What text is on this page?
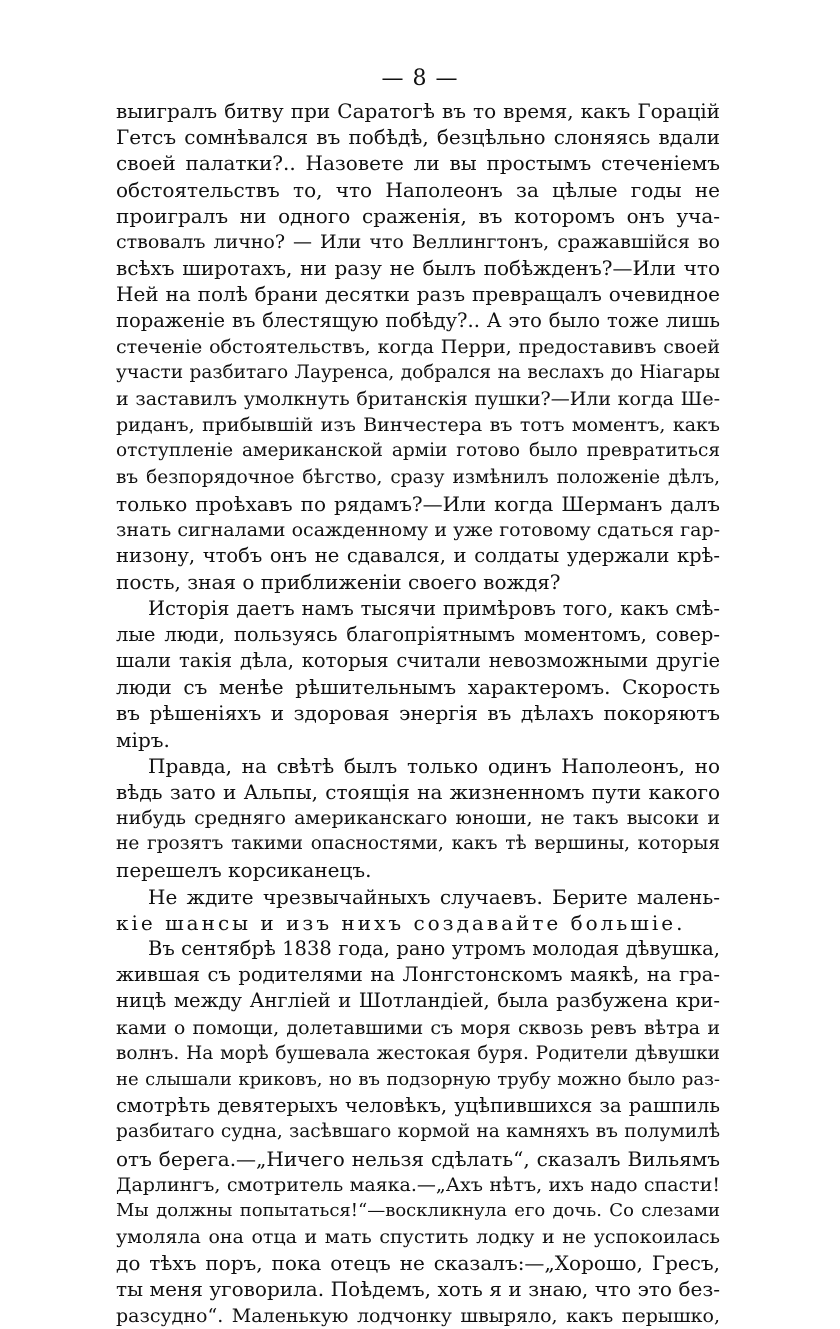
— 8 —
выигралъ битву при Саратогѣ въ то время, какъ Горацій
Гетсъ сомнѣвался въ побѣдѣ, безцѣльно слоняясь вдали
своей палатки?.. Назовете ли вы простымъ стеченіемъ
обстоятельствъ то, что Наполеонъ за цѣлые годы не
проигралъ ни одного сраженія, въ которомъ онъ уча-
ствовалъ лично? — Или что Веллингтонъ, сражавшійся во
всѣхъ широтахъ, ни разу не былъ побѣжденъ?—Или что
Ней на полѣ брани десятки разъ превращалъ очевидное
пораженіе въ блестящую побѣду?.. А это было тоже лишь
стеченіе обстоятельствъ, когда Перри, предоставивъ своей
участи разбитаго Лауренса, добрался на веслахъ до Ніагары
и заставилъ умолкнуть британскія пушки?—Или когда Ше-
риданъ, прибывшій изъ Винчестера въ тотъ моментъ, какъ
отступленіе американской арміи готово было превратиться
въ безпорядочное бѣгство, сразу измѣнилъ положеніе дѣлъ,
только проѣхавъ по рядамъ?—Или когда Шерманъ далъ
знать сигналами осажденному и уже готовому сдаться гар-
низону, чтобъ онъ не сдавался, и солдаты удержали крѣ-
пость, зная о приближеніи своего вождя?
Исторія даетъ намъ тысячи примѣровъ того, какъ смѣ-
лые люди, пользуясь благопріятнымъ моментомъ, совер-
шали такія дѣла, которыя считали невозможными другіе
люди съ менѣе рѣшительнымъ характеромъ. Скорость
въ рѣшеніяхъ и здоровая энергія въ дѣлахъ покоряютъ
міръ.
Правда, на свѣтѣ былъ только одинъ Наполеонъ, но
вѣдь зато и Альпы, стоящія на жизненномъ пути какого
нибудь средняго американскаго юноши, не такъ высоки и
не грозятъ такими опасностями, какъ тѣ вершины, которыя
перешелъ корсиканецъ.
Не ждите чрезвычайныхъ случаевъ. Берите малень-
кіе шансы и изъ нихъ создавайте большіе.
Въ сентябрѣ 1838 года, рано утромъ молодая дѣвушка,
жившая съ родителями на Лонгстонскомъ маякѣ, на гра-
ницѣ между Англіей и Шотландіей, была разбужена кри-
ками о помощи, долетавшими съ моря сквозь ревъ вѣтра и
волнъ. На морѣ бушевала жестокая буря. Родители дѣвушки
не слышали криковъ, но въ подзорную трубу можно было раз-
смотрѣть девятерыхъ человѣкъ, уцѣпившихся за рашпиль
разбитаго судна, засѣвшаго кормой на камняхъ въ полумилѣ
отъ берега.—„Ничего нельзя сдѣлать“, сказалъ Вильямъ
Дарлингъ, смотритель маяка.—„Ахъ нѣтъ, ихъ надо спасти!
Мы должны попытаться!“—воскликнула его дочь. Со слезами
умоляла она отца и мать спустить лодку и не успокоилась
до тѣхъ поръ, пока отецъ не сказалъ:—„Хорошо, Гресъ,
ты меня уговорила. Поѣдемъ, хоть я и знаю, что это без-
разсудно“. Маленькую лодчонку швыряло, какъ перышко,
